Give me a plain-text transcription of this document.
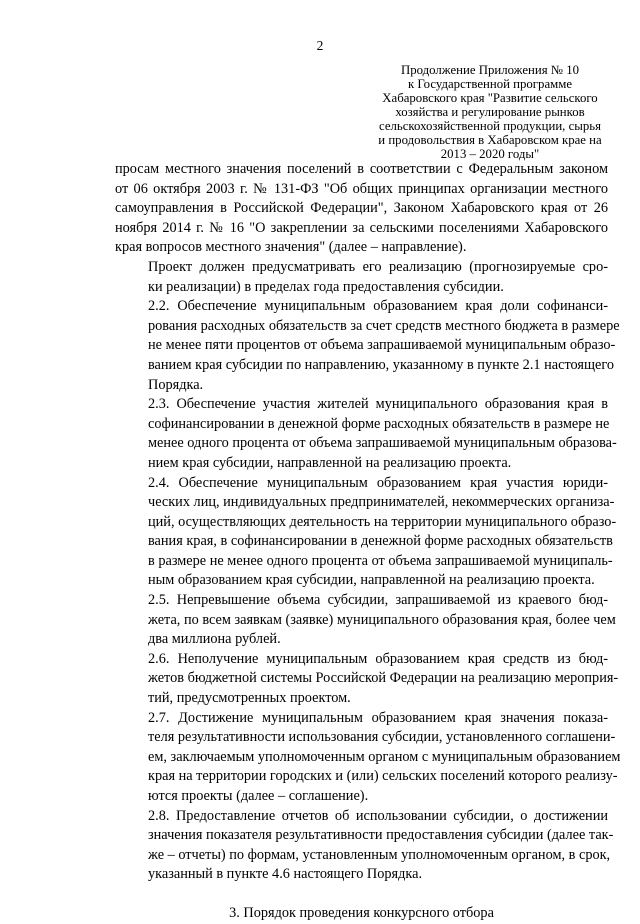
2
Продолжение Приложения № 10
к Государственной программе
Хабаровского края "Развитие сельского
хозяйства и регулирование рынков
сельскохозяйственной продукции, сырья
и продовольствия в Хабаровском крае на
2013 – 2020 годы"
просам местного значения поселений в соответствии с Федеральным законом
от 06 октября 2003 г. № 131-ФЗ "Об общих принципах организации местного
самоуправления в Российской Федерации", Законом Хабаровского края от 26
ноября 2014 г. № 16 "О закреплении за сельскими поселениями Хабаровского
края вопросов местного значения" (далее – направление).
Проект должен предусматривать его реализацию (прогнозируемые сро-
ки реализации) в пределах года предоставления субсидии.
2.2. Обеспечение муниципальным образованием края доли софинанси-
рования расходных обязательств за счет средств местного бюджета в размере
не менее пяти процентов от объема запрашиваемой муниципальным образо-
ванием края субсидии по направлению, указанному в пункте 2.1 настоящего
Порядка.
2.3. Обеспечение участия жителей муниципального образования края в
софинансировании в денежной форме расходных обязательств в размере не
менее одного процента от объема запрашиваемой муниципальным образова-
нием края субсидии, направленной на реализацию проекта.
2.4. Обеспечение муниципальным образованием края участия юриди-
ческих лиц, индивидуальных предпринимателей, некоммерческих организа-
ций, осуществляющих деятельность на территории муниципального образо-
вания края, в софинансировании в денежной форме расходных обязательств
в размере не менее одного процента от объема запрашиваемой муниципаль-
ным образованием края субсидии, направленной на реализацию проекта.
2.5. Непревышение объема субсидии, запрашиваемой из краевого бюд-
жета, по всем заявкам (заявке) муниципального образования края, более чем
два миллиона рублей.
2.6. Неполучение муниципальным образованием края средств из бюд-
жетов бюджетной системы Российской Федерации на реализацию мероприя-
тий, предусмотренных проектом.
2.7. Достижение муниципальным образованием края значения показа-
теля результативности использования субсидии, установленного соглашени-
ем, заключаемым уполномоченным органом с муниципальным образованием
края на территории городских и (или) сельских поселений которого реализу-
ются проекты (далее – соглашение).
2.8. Предоставление отчетов об использовании субсидии, о достижении
значения показателя результативности предоставления субсидии (далее так-
же – отчеты) по формам, установленным уполномоченным органом, в срок,
указанный в пункте 4.6 настоящего Порядка.
3. Порядок проведения конкурсного отбора
